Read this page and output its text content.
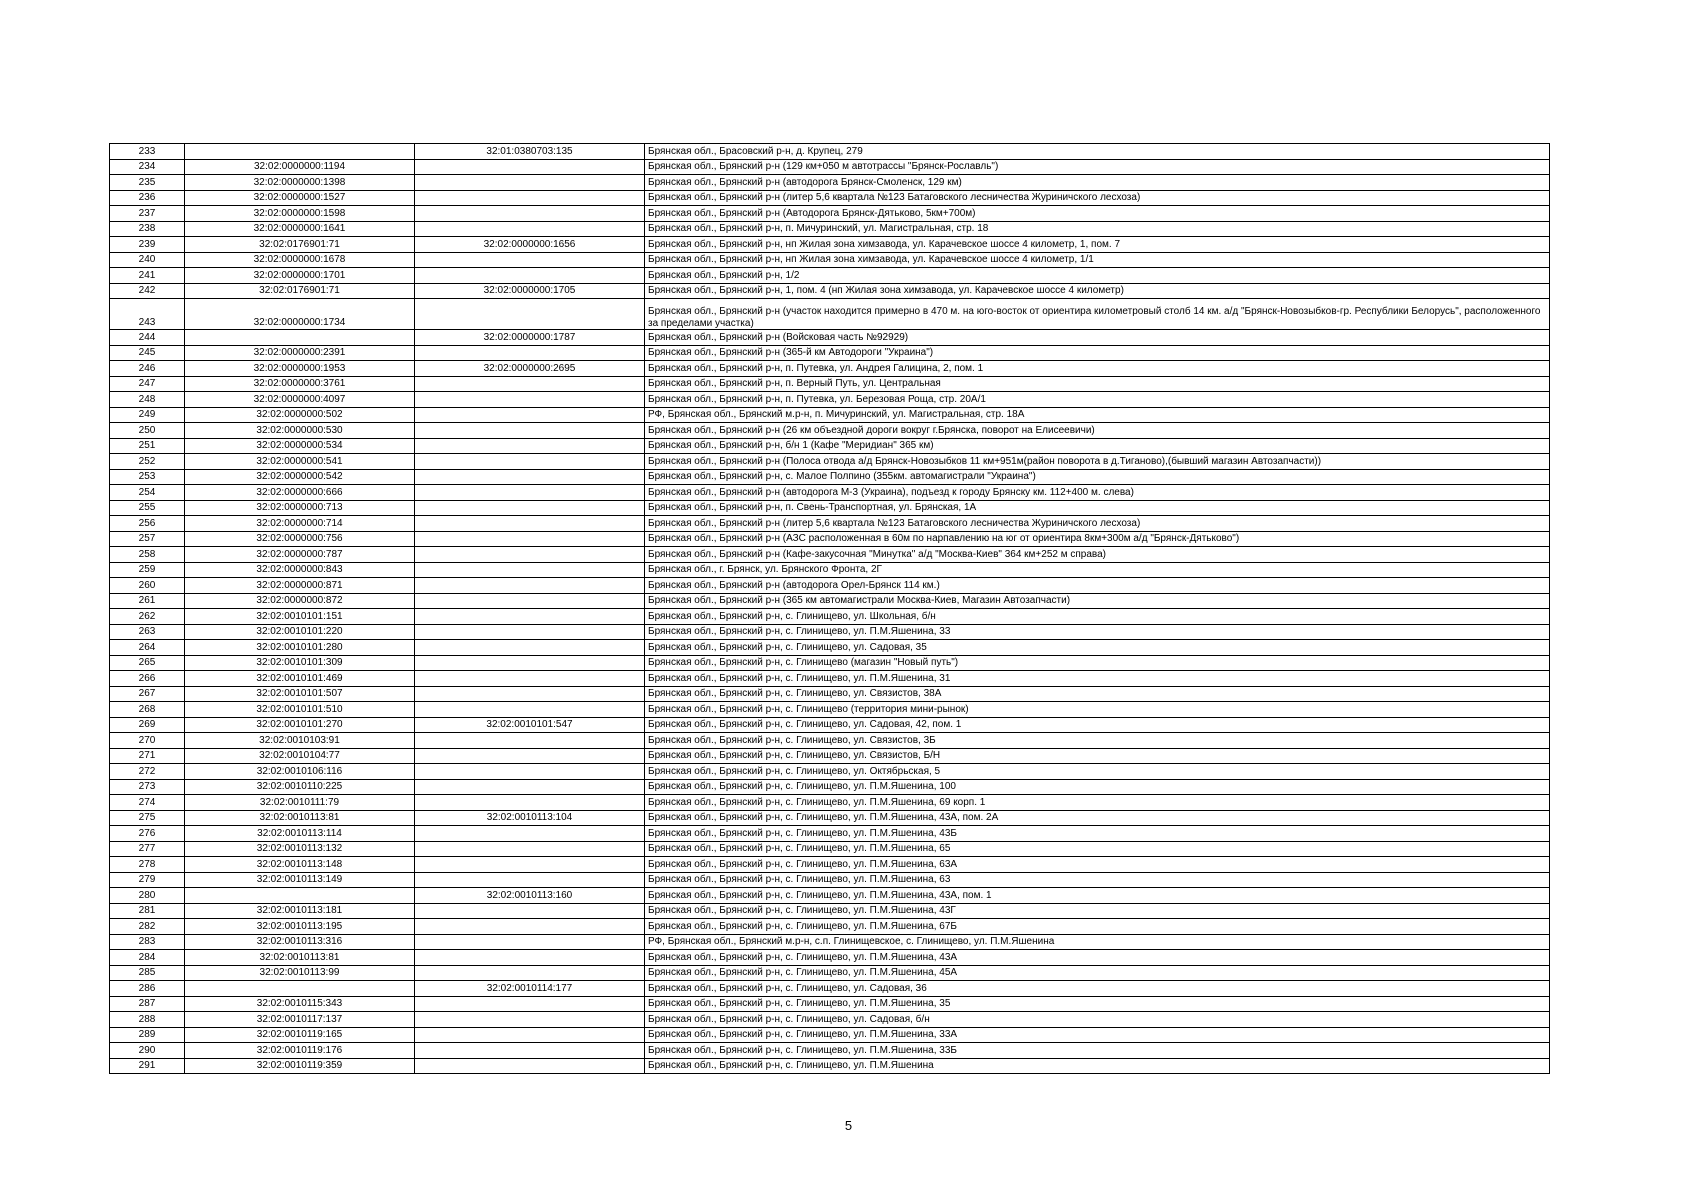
233		32:01:0380703:135	Брянская обл., Брасовский р-н, д. Крупец, 279
234	32:02:0000000:1194		Брянская обл., Брянский р-н (129 км+050 м автотрассы "Брянск-Рославль")
235	32:02:0000000:1398		Брянская обл., Брянский р-н (автодорога Брянск-Смоленск, 129 км)
236	32:02:0000000:1527		Брянская обл., Брянский р-н (литер 5,6 квартала №123 Батаговского лесничества Журиничского лесхоза)
237	32:02:0000000:1598		Брянская обл., Брянский р-н (Автодорога Брянск-Дятьково, 5км+700м)
238	32:02:0000000:1641		Брянская обл., Брянский р-н, п. Мичуринский, ул. Магистральная, стр. 18
239	32:02:0176901:71	32:02:0000000:1656	Брянская обл., Брянский р-н, нп Жилая зона химзавода, ул. Карачевское шоссе 4 километр, 1, пом. 7
240	32:02:0000000:1678		Брянская обл., Брянский р-н, нп Жилая зона химзавода, ул. Карачевское шоссе 4 километр, 1/1
241	32:02:0000000:1701		Брянская обл., Брянский р-н, 1/2
242	32:02:0176901:71	32:02:0000000:1705	Брянская обл., Брянский р-н, 1, пом. 4 (нп Жилая зона химзавода, ул. Карачевское шоссе 4 километр)
243	32:02:0000000:1734		Брянская обл., Брянский р-н (участок находится примерно в 470 м. на юго-восток от ориентира километровый столб 14 км. а/д "Брянск-Новозыбков-гр. Республики Белорусь", расположенного за пределами участка)
244		32:02:0000000:1787	Брянская обл., Брянский р-н (Войсковая часть №92929)
245	32:02:0000000:2391		Брянская обл., Брянский р-н (365-й км Автодороги "Украина")
246	32:02:0000000:1953	32:02:0000000:2695	Брянская обл., Брянский р-н, п. Путевка, ул. Андрея Галицина, 2, пом. 1
247	32:02:0000000:3761		Брянская обл., Брянский р-н, п. Верный Путь, ул. Центральная
248	32:02:0000000:4097		Брянская обл., Брянский р-н, п. Путевка, ул. Березовая Роща, стр. 20А/1
249	32:02:0000000:502		РФ, Брянская обл., Брянский м.р-н, п. Мичуринский, ул. Магистральная, стр. 18А
250	32:02:0000000:530		Брянская обл., Брянский р-н (26 км объездной дороги вокруг г.Брянска, поворот на Елисеевичи)
251	32:02:0000000:534		Брянская обл., Брянский р-н, б/н 1 (Кафе "Меридиан" 365 км)
252	32:02:0000000:541		Брянская обл., Брянский р-н (Полоса отвода а/д Брянск-Новозыбков 11 км+951м(район поворота в д.Тиганово),(бывший магазин Автозапчасти))
253	32:02:0000000:542		Брянская обл., Брянский р-н, с. Малое Полпино (355км. автомагистрали "Украина")
254	32:02:0000000:666		Брянская обл., Брянский р-н (автодорога М-3 (Украина), подъезд к городу Брянску км. 112+400 м. слева)
255	32:02:0000000:713		Брянская обл., Брянский р-н, п. Свень-Транспортная, ул. Брянская, 1А
256	32:02:0000000:714		Брянская обл., Брянский р-н (литер 5,6 квартала №123 Батаговского лесничества Журиничского лесхоза)
257	32:02:0000000:756		Брянская обл., Брянский р-н (АЗС расположенная в 60м по нарпавлению на юг от ориентира 8км+300м а/д "Брянск-Дятьково")
258	32:02:0000000:787		Брянская обл., Брянский р-н (Кафе-закусочная "Минутка" а/д "Москва-Киев" 364 км+252 м справа)
259	32:02:0000000:843		Брянская обл., г. Брянск, ул. Брянского Фронта, 2Г
260	32:02:0000000:871		Брянская обл., Брянский р-н (автодорога Орел-Брянск 114 км.)
261	32:02:0000000:872		Брянская обл., Брянский р-н (365 км автомагистрали Москва-Киев, Магазин Автозапчасти)
262	32:02:0010101:151		Брянская обл., Брянский р-н, с. Глинищево, ул. Школьная, б/н
263	32:02:0010101:220		Брянская обл., Брянский р-н, с. Глинищево, ул. П.М.Яшенина, 33
264	32:02:0010101:280		Брянская обл., Брянский р-н, с. Глинищево, ул. Садовая, 35
265	32:02:0010101:309		Брянская обл., Брянский р-н, с. Глинищево (магазин "Новый путь")
266	32:02:0010101:469		Брянская обл., Брянский р-н, с. Глинищево, ул. П.М.Яшенина, 31
267	32:02:0010101:507		Брянская обл., Брянский р-н, с. Глинищево, ул. Связистов, 38А
268	32:02:0010101:510		Брянская обл., Брянский р-н, с. Глинищево (территория мини-рынок)
269	32:02:0010101:270	32:02:0010101:547	Брянская обл., Брянский р-н, с. Глинищево, ул. Садовая, 42, пом. 1
270	32:02:0010103:91		Брянская обл., Брянский р-н, с. Глинищево, ул. Связистов, 3Б
271	32:02:0010104:77		Брянская обл., Брянский р-н, с. Глинищево, ул. Связистов, Б/Н
272	32:02:0010106:116		Брянская обл., Брянский р-н, с. Глинищево, ул. Октябрьская, 5
273	32:02:0010110:225		Брянская обл., Брянский р-н, с. Глинищево, ул. П.М.Яшенина, 100
274	32:02:0010111:79		Брянская обл., Брянский р-н, с. Глинищево, ул. П.М.Яшенина, 69 корп. 1
275	32:02:0010113:81	32:02:0010113:104	Брянская обл., Брянский р-н, с. Глинищево, ул. П.М.Яшенина, 43А, пом. 2А
276	32:02:0010113:114		Брянская обл., Брянский р-н, с. Глинищево, ул. П.М.Яшенина, 43Б
277	32:02:0010113:132		Брянская обл., Брянский р-н, с. Глинищево, ул. П.М.Яшенина, 65
278	32:02:0010113:148		Брянская обл., Брянский р-н, с. Глинищево, ул. П.М.Яшенина, 63А
279	32:02:0010113:149		Брянская обл., Брянский р-н, с. Глинищево, ул. П.М.Яшенина, 63
280		32:02:0010113:160	Брянская обл., Брянский р-н, с. Глинищево, ул. П.М.Яшенина, 43А, пом. 1
281	32:02:0010113:181		Брянская обл., Брянский р-н, с. Глинищево, ул. П.М.Яшенина, 43Г
282	32:02:0010113:195		Брянская обл., Брянский р-н, с. Глинищево, ул. П.М.Яшенина, 67Б
283	32:02:0010113:316		РФ, Брянская обл., Брянский м.р-н, с.п. Глинищевское, с. Глинищево, ул. П.М.Яшенина
284	32:02:0010113:81		Брянская обл., Брянский р-н, с. Глинищево, ул. П.М.Яшенина, 43А
285	32:02:0010113:99		Брянская обл., Брянский р-н, с. Глинищево, ул. П.М.Яшенина, 45А
286		32:02:0010114:177	Брянская обл., Брянский р-н, с. Глинищево, ул. Садовая, 36
287	32:02:0010115:343		Брянская обл., Брянский р-н, с. Глинищево, ул. П.М.Яшенина, 35
288	32:02:0010117:137		Брянская обл., Брянский р-н, с. Глинищево, ул. Садовая, б/н
289	32:02:0010119:165		Брянская обл., Брянский р-н, с. Глинищево, ул. П.М.Яшенина, 33А
290	32:02:0010119:176		Брянская обл., Брянский р-н, с. Глинищево, ул. П.М.Яшенина, 33Б
291	32:02:0010119:359		Брянская обл., Брянский р-н, с. Глинищево, ул. П.М.Яшенина
5
